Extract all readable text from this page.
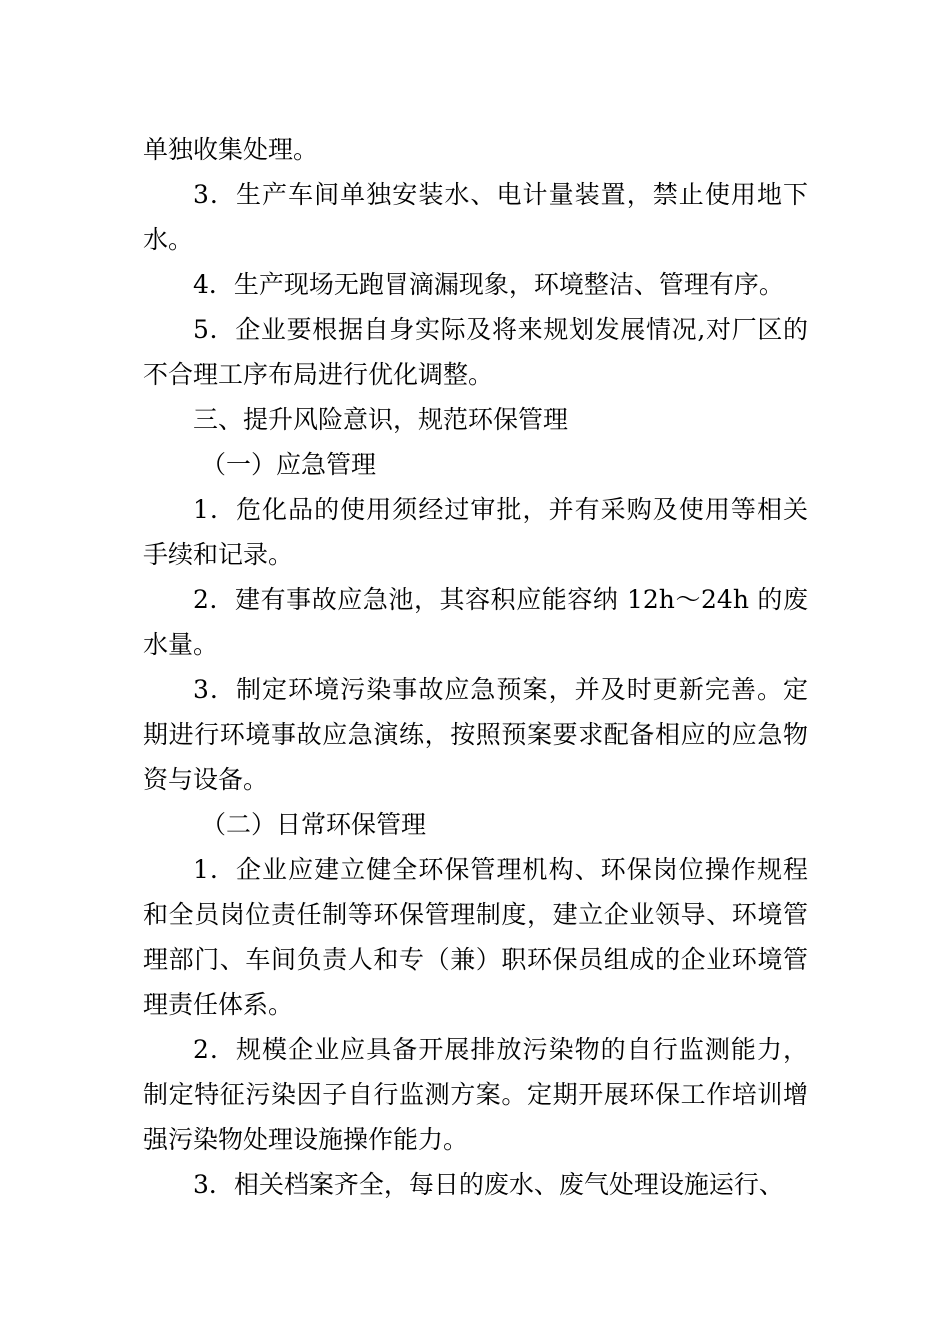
单独收集处理。

3．生产车间单独安装水、电计量装置，禁止使用地下水。

4．生产现场无跑冒滴漏现象，环境整洁、管理有序。

5．企业要根据自身实际及将来规划发展情况,对厂区的不合理工序布局进行优化调整。

三、提升风险意识，规范环保管理

（一）应急管理

1．危化品的使用须经过审批，并有采购及使用等相关手续和记录。

2．建有事故应急池，其容积应能容纳 12h～24h 的废水量。

3．制定环境污染事故应急预案，并及时更新完善。定期进行环境事故应急演练，按照预案要求配备相应的应急物资与设备。

（二）日常环保管理

1．企业应建立健全环保管理机构、环保岗位操作规程和全员岗位责任制等环保管理制度，建立企业领导、环境管理部门、车间负责人和专（兼）职环保员组成的企业环境管理责任体系。

2．规模企业应具备开展排放污染物的自行监测能力，制定特征污染因子自行监测方案。定期开展环保工作培训增强污染物处理设施操作能力。

3．相关档案齐全，每日的废水、废气处理设施运行、
